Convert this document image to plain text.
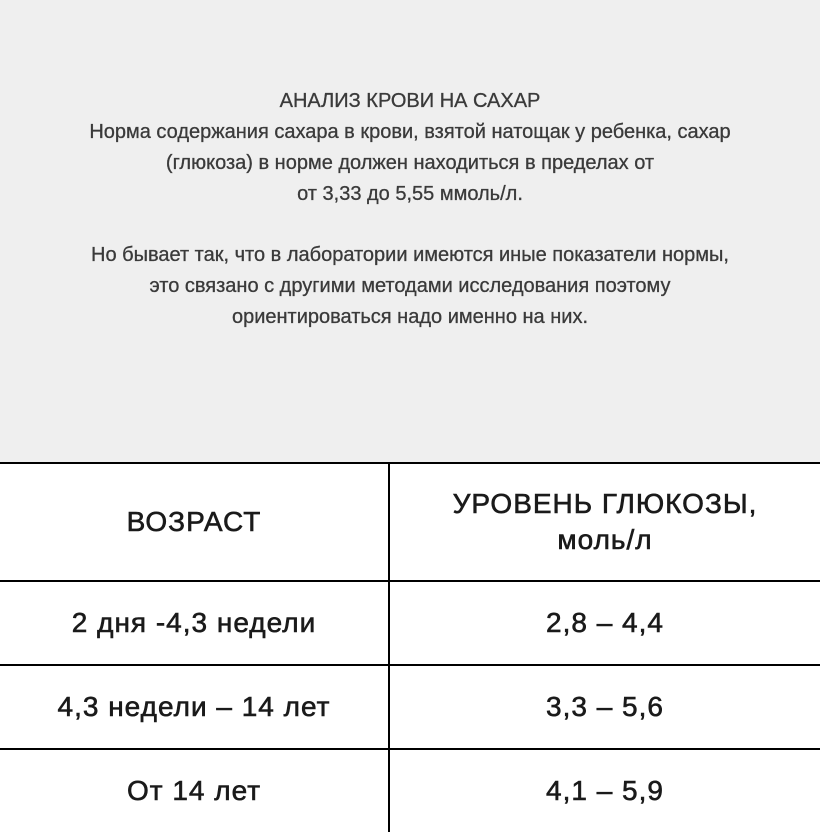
АНАЛИЗ КРОВИ НА САХАР
Норма содержания сахара в крови, взятой натощак у ребенка, сахар
(глюкоза) в норме должен находиться в пределах от
от 3,33 до 5,55 ммоль/л.
Но бывает так, что в лаборатории имеются иные показатели нормы,
это связано с другими методами исследования поэтому
ориентироваться надо именно на них.
ВОЗРАСТ	УРОВЕНЬ ГЛЮКОЗЫ,
моль/л

2 дня -4,3 недели	2,8 – 4,4
4,3 недели – 14 лет	3,3 – 5,6
От 14 лет	4,1 – 5,9
